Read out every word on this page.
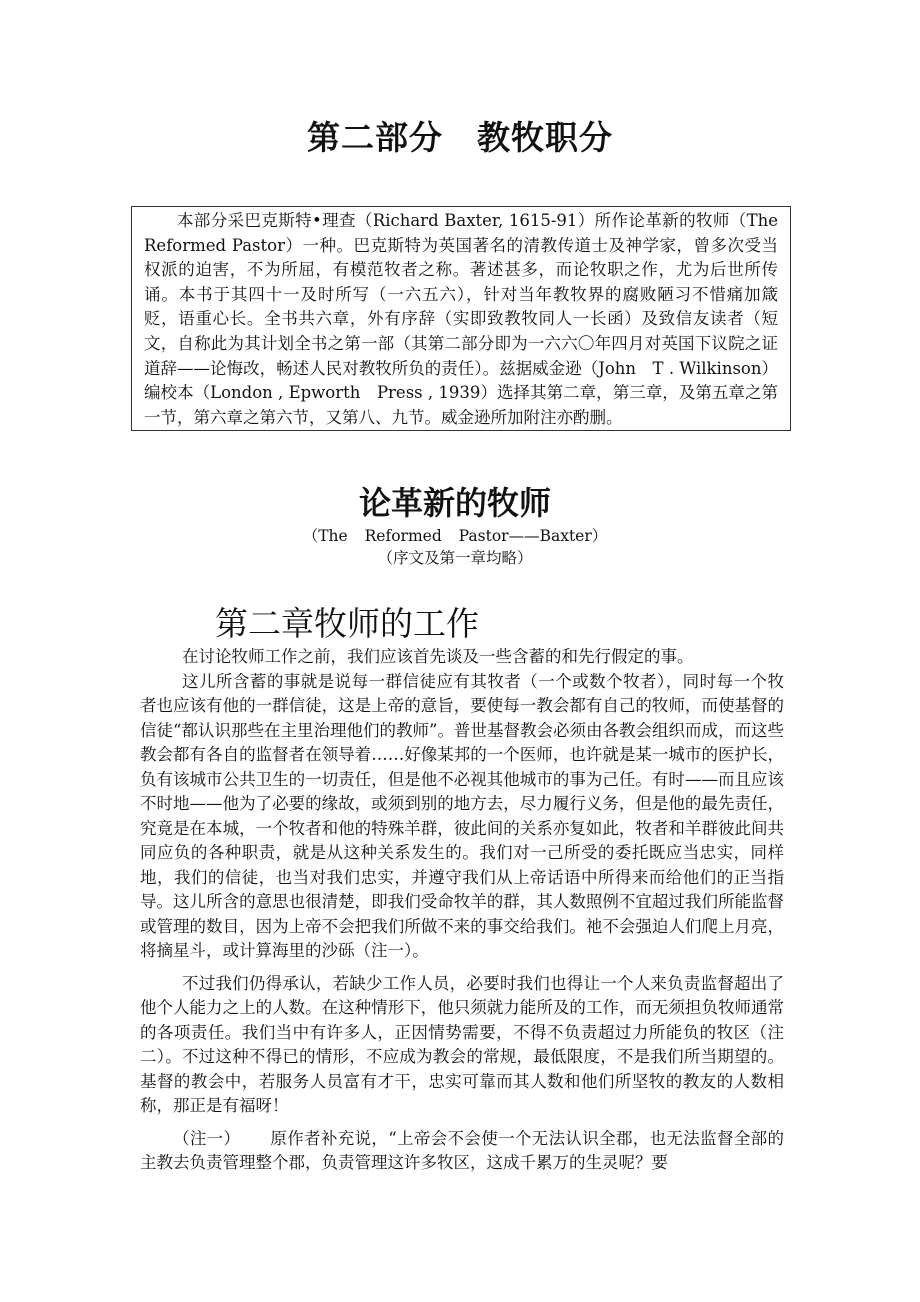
第二部分　教牧职分
本部分采巴克斯特•理查（Richard Baxter, 1615-91）所作论革新的牧师（The Reformed Pastor）一种。巴克斯特为英国著名的清教传道士及神学家，曾多次受当权派的迫害，不为所屈，有模范牧者之称。著述甚多，而论牧职之作，尤为后世所传诵。本书于其四十一及时所写（一六五六），针对当年教牧界的腐败陋习不惜痛加箴贬，语重心长。全书共六章，外有序辞（实即致教牧同人一长函）及致信友读者（短文，自称此为其计划全书之第一部（其第二部分即为一六六〇年四月对英国下议院之证道辞——论悔改，畅述人民对教牧所负的责任）。兹据威金逊（John　T . Wilkinson）编校本（London , Epworth　Press , 1939）选择其第二章，第三章，及第五章之第一节，第六章之第六节，又第八、九节。威金逊所加附注亦酌删。
论革新的牧师
（The Reformed Pastor——Baxter）
（序文及第一章均略）
第二章牧师的工作

在讨论牧师工作之前，我们应该首先谈及一些含蓄的和先行假定的事。

这儿所含蓄的事就是说每一群信徒应有其牧者（一个或数个牧者），同时每一个牧者也应该有他的一群信徒，这是上帝的意旨，要使每一教会都有自己的牧师，而使基督的信徒“都认识那些在主里治理他们的教师”。普世基督教会必须由各教会组织而成，而这些教会都有各自的监督者在领导着……好像某邦的一个医师，也许就是某一城市的医护长，负有该城市公共卫生的一切责任，但是他不必视其他城市的事为己任。有时——而且应该不时地——他为了必要的缘故，或须到别的地方去，尽力履行义务，但是他的最先责任，究竟是在本城，一个牧者和他的特殊羊群，彼此间的关系亦复如此，牧者和羊群彼此间共同应负的各种职责，就是从这种关系发生的。我们对一己所受的委托既应当忠实，同样地，我们的信徒，也当对我们忠实，并遵守我们从上帝话语中所得来而给他们的正当指导。这儿所含的意思也很清楚，即我们受命牧羊的群，其人数照例不宜超过我们所能监督或管理的数目，因为上帝不会把我们所做不来的事交给我们。祂不会强迫人们爬上月亮，将摘星斗，或计算海里的沙砾（注一）。

不过我们仍得承认，若缺少工作人员，必要时我们也得让一个人来负责监督超出了他个人能力之上的人数。在这种情形下，他只须就力能所及的工作，而无须担负牧师通常的各项责任。我们当中有许多人，正因情势需要，不得不负责超过力所能负的牧区（注二）。不过这种不得已的情形，不应成为教会的常规，最低限度，不是我们所当期望的。基督的教会中，若服务人员富有才干，忠实可靠而其人数和他们所坚牧的教友的人数相称，那正是有福呀！

（注一） 原作者补充说，“上帝会不会使一个无法认识全郡，也无法监督全部的主教去负责管理整个郡，负责管理这许多牧区，这成千累万的生灵呢？要
